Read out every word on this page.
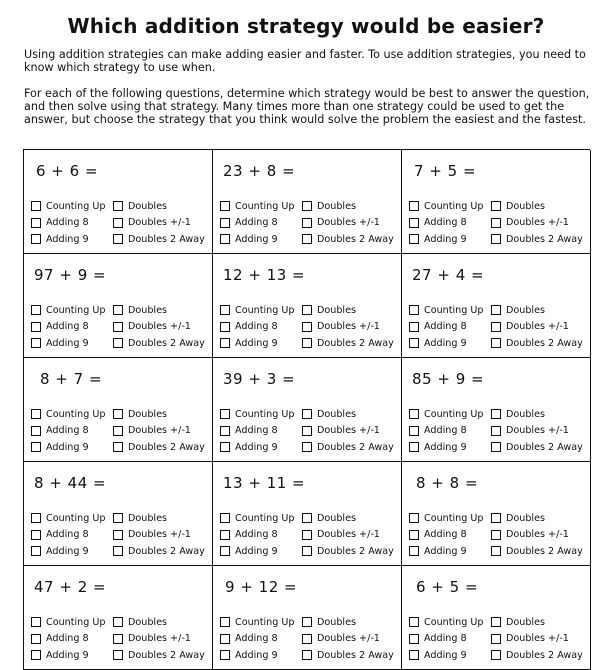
Which addition strategy would be easier?

Using addition strategies can make adding easier and faster. To use addition strategies, you need to know which strategy to use when.

For each of the following questions, determine which strategy would be best to answer the question, and then solve using that strategy. Many times more than one strategy could be used to get the answer, but choose the strategy that you think would solve the problem the easiest and the fastest.

6 + 6 =
Counting Up Doubles
Adding 8	Doubles +/-1
Adding 9	Doubles 2 Away
23 + 8 =
Counting Up Doubles
Adding 8	Doubles +/-1
Adding 9	Doubles 2 Away
7 + 5 =
Counting Up Doubles
Adding 8	Doubles +/-1
Adding 9	Doubles 2 Away
97 + 9 =
Counting Up Doubles
Adding 8	Doubles +/-1
Adding 9	Doubles 2 Away
12 + 13 =
Counting Up Doubles
Adding 8	Doubles +/-1
Adding 9	Doubles 2 Away
27 + 4 =
Counting Up Doubles
Adding 8	Doubles +/-1
Adding 9	Doubles 2 Away
8 + 7 =
Counting Up Doubles
Adding 8	Doubles +/-1
Adding 9	Doubles 2 Away
39 + 3 =
Counting Up Doubles
Adding 8	Doubles +/-1
Adding 9	Doubles 2 Away
85 + 9 =
Counting Up Doubles
Adding 8	Doubles +/-1
Adding 9	Doubles 2 Away
8 + 44 =
Counting Up Doubles
Adding 8	Doubles +/-1
Adding 9	Doubles 2 Away
13 + 11 =
Counting Up Doubles
Adding 8	Doubles +/-1
Adding 9	Doubles 2 Away
8 + 8 =
Counting Up Doubles
Adding 8	Doubles +/-1
Adding 9	Doubles 2 Away
47 + 2 =
Counting Up Doubles
Adding 8	Doubles +/-1
Adding 9	Doubles 2 Away
9 + 12 =
Counting Up Doubles
Adding 8	Doubles +/-1
Adding 9	Doubles 2 Away
6 + 5 =
Counting Up Doubles
Adding 8	Doubles +/-1
Adding 9	Doubles 2 Away
